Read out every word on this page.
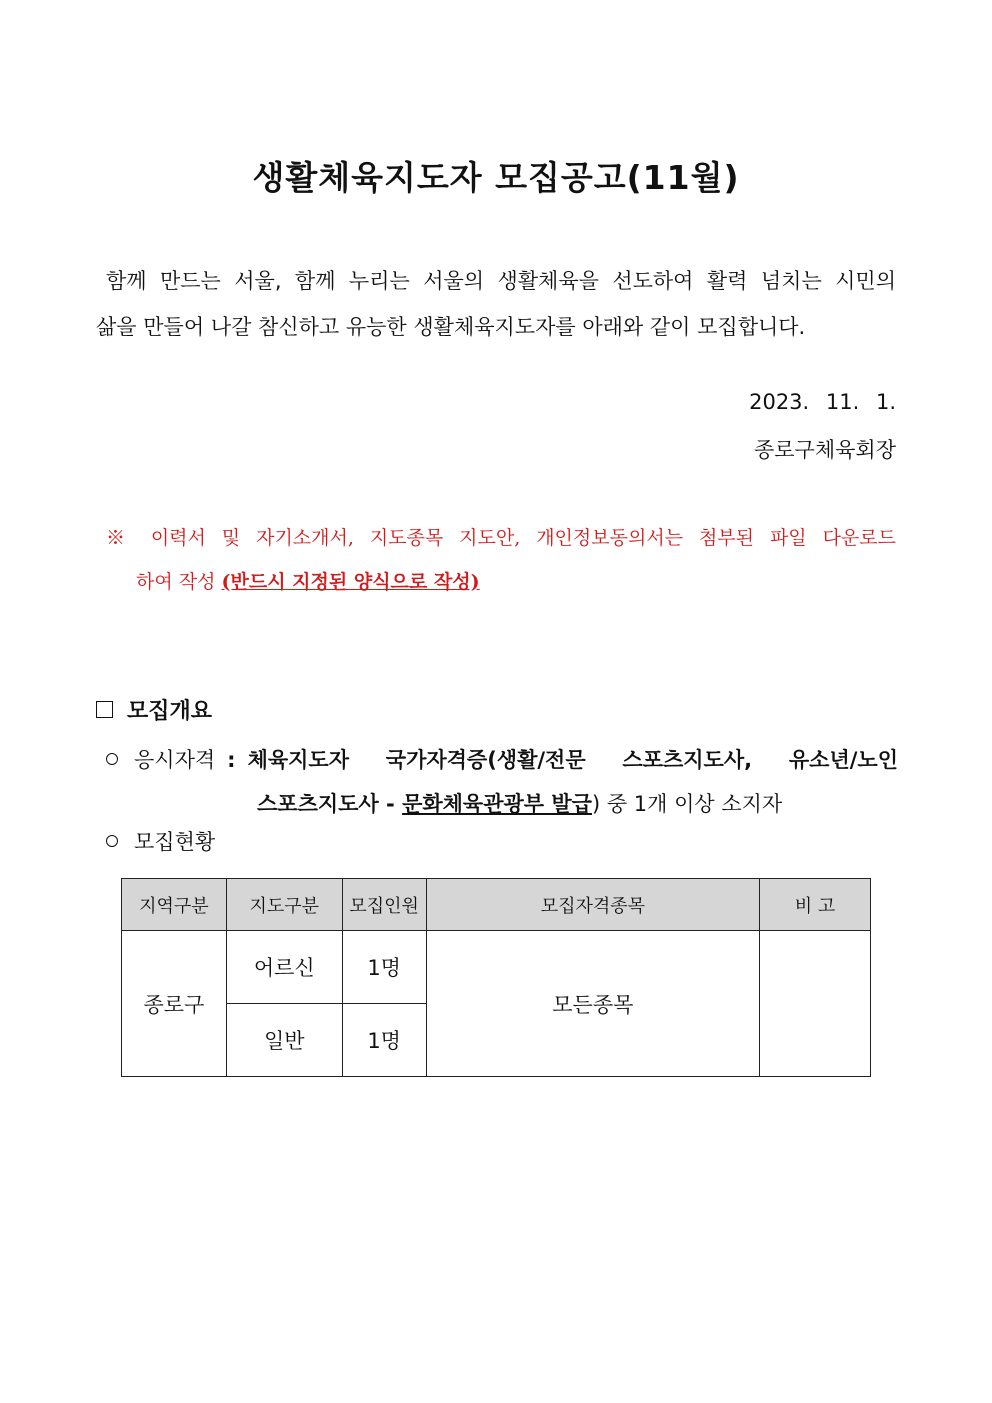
생활체육지도자 모집공고(11월)
함께 만드는 서울, 함께 누리는 서울의 생활체육을 선도하여 활력 넘치는 시민의
삶을 만들어 나갈 참신하고 유능한 생활체육지도자를 아래와 같이 모집합니다.
2023. 11. 1.
종로구체육회장
※ 이력서 및 자기소개서, 지도종목 지도안, 개인정보동의서는 첨부된 파일 다운로드
하여 작성 (반드시 지정된 양식으로 작성)
모집개요
응시자격 : 체육지도자 국가자격증(생활/전문 스포츠지도사, 유소년/노인
스포츠지도사 - 문화체육관광부 발급) 중 1개 이상 소지자
모집현황
지역구분	지도구분	모집인원	모집자격종목	비 고
종로구	어르신	1명	모든종목	
	일반	1명		
